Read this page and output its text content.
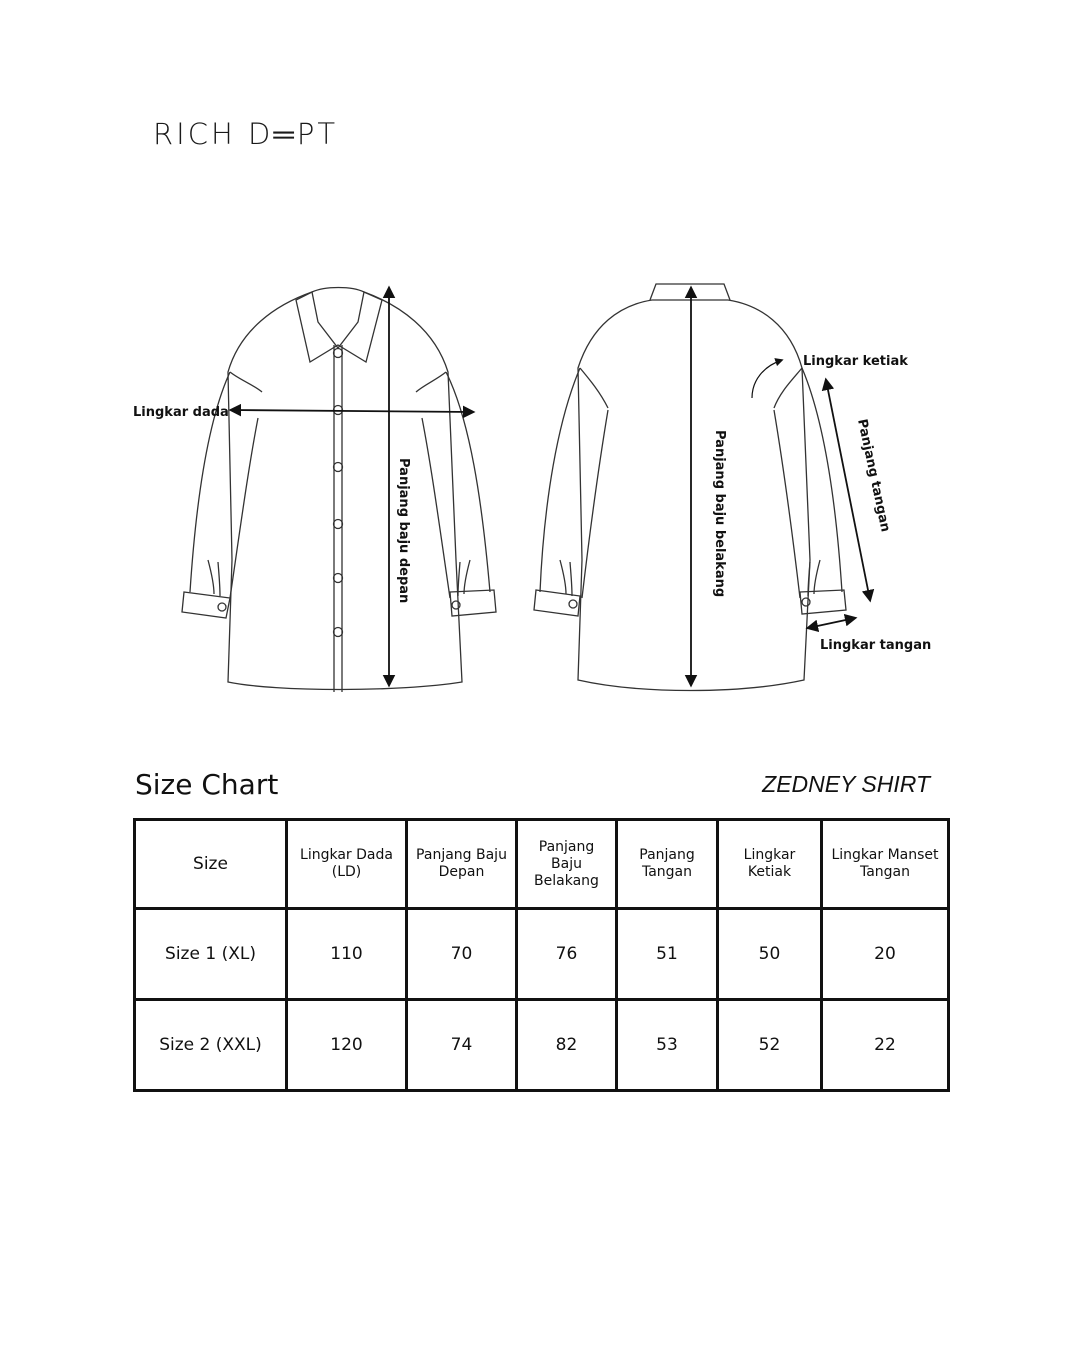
RICH D═PT
Lingkar dada
Panjang baju depan
Lingkar ketiak
Panjang baju belakang	Panjang tangan
Lingkar tangan
Size Chart	ZEDNEY SHIRT
Size	Lingkar Dada (LD)	Panjang Baju Depan	Panjang Baju Belakang	Panjang Tangan	Lingkar Ketiak	Lingkar Manset Tangan
Size 1 (XL)	110	70	76	51	50	20
Size 2 (XXL)	120	74	82	53	52	22
